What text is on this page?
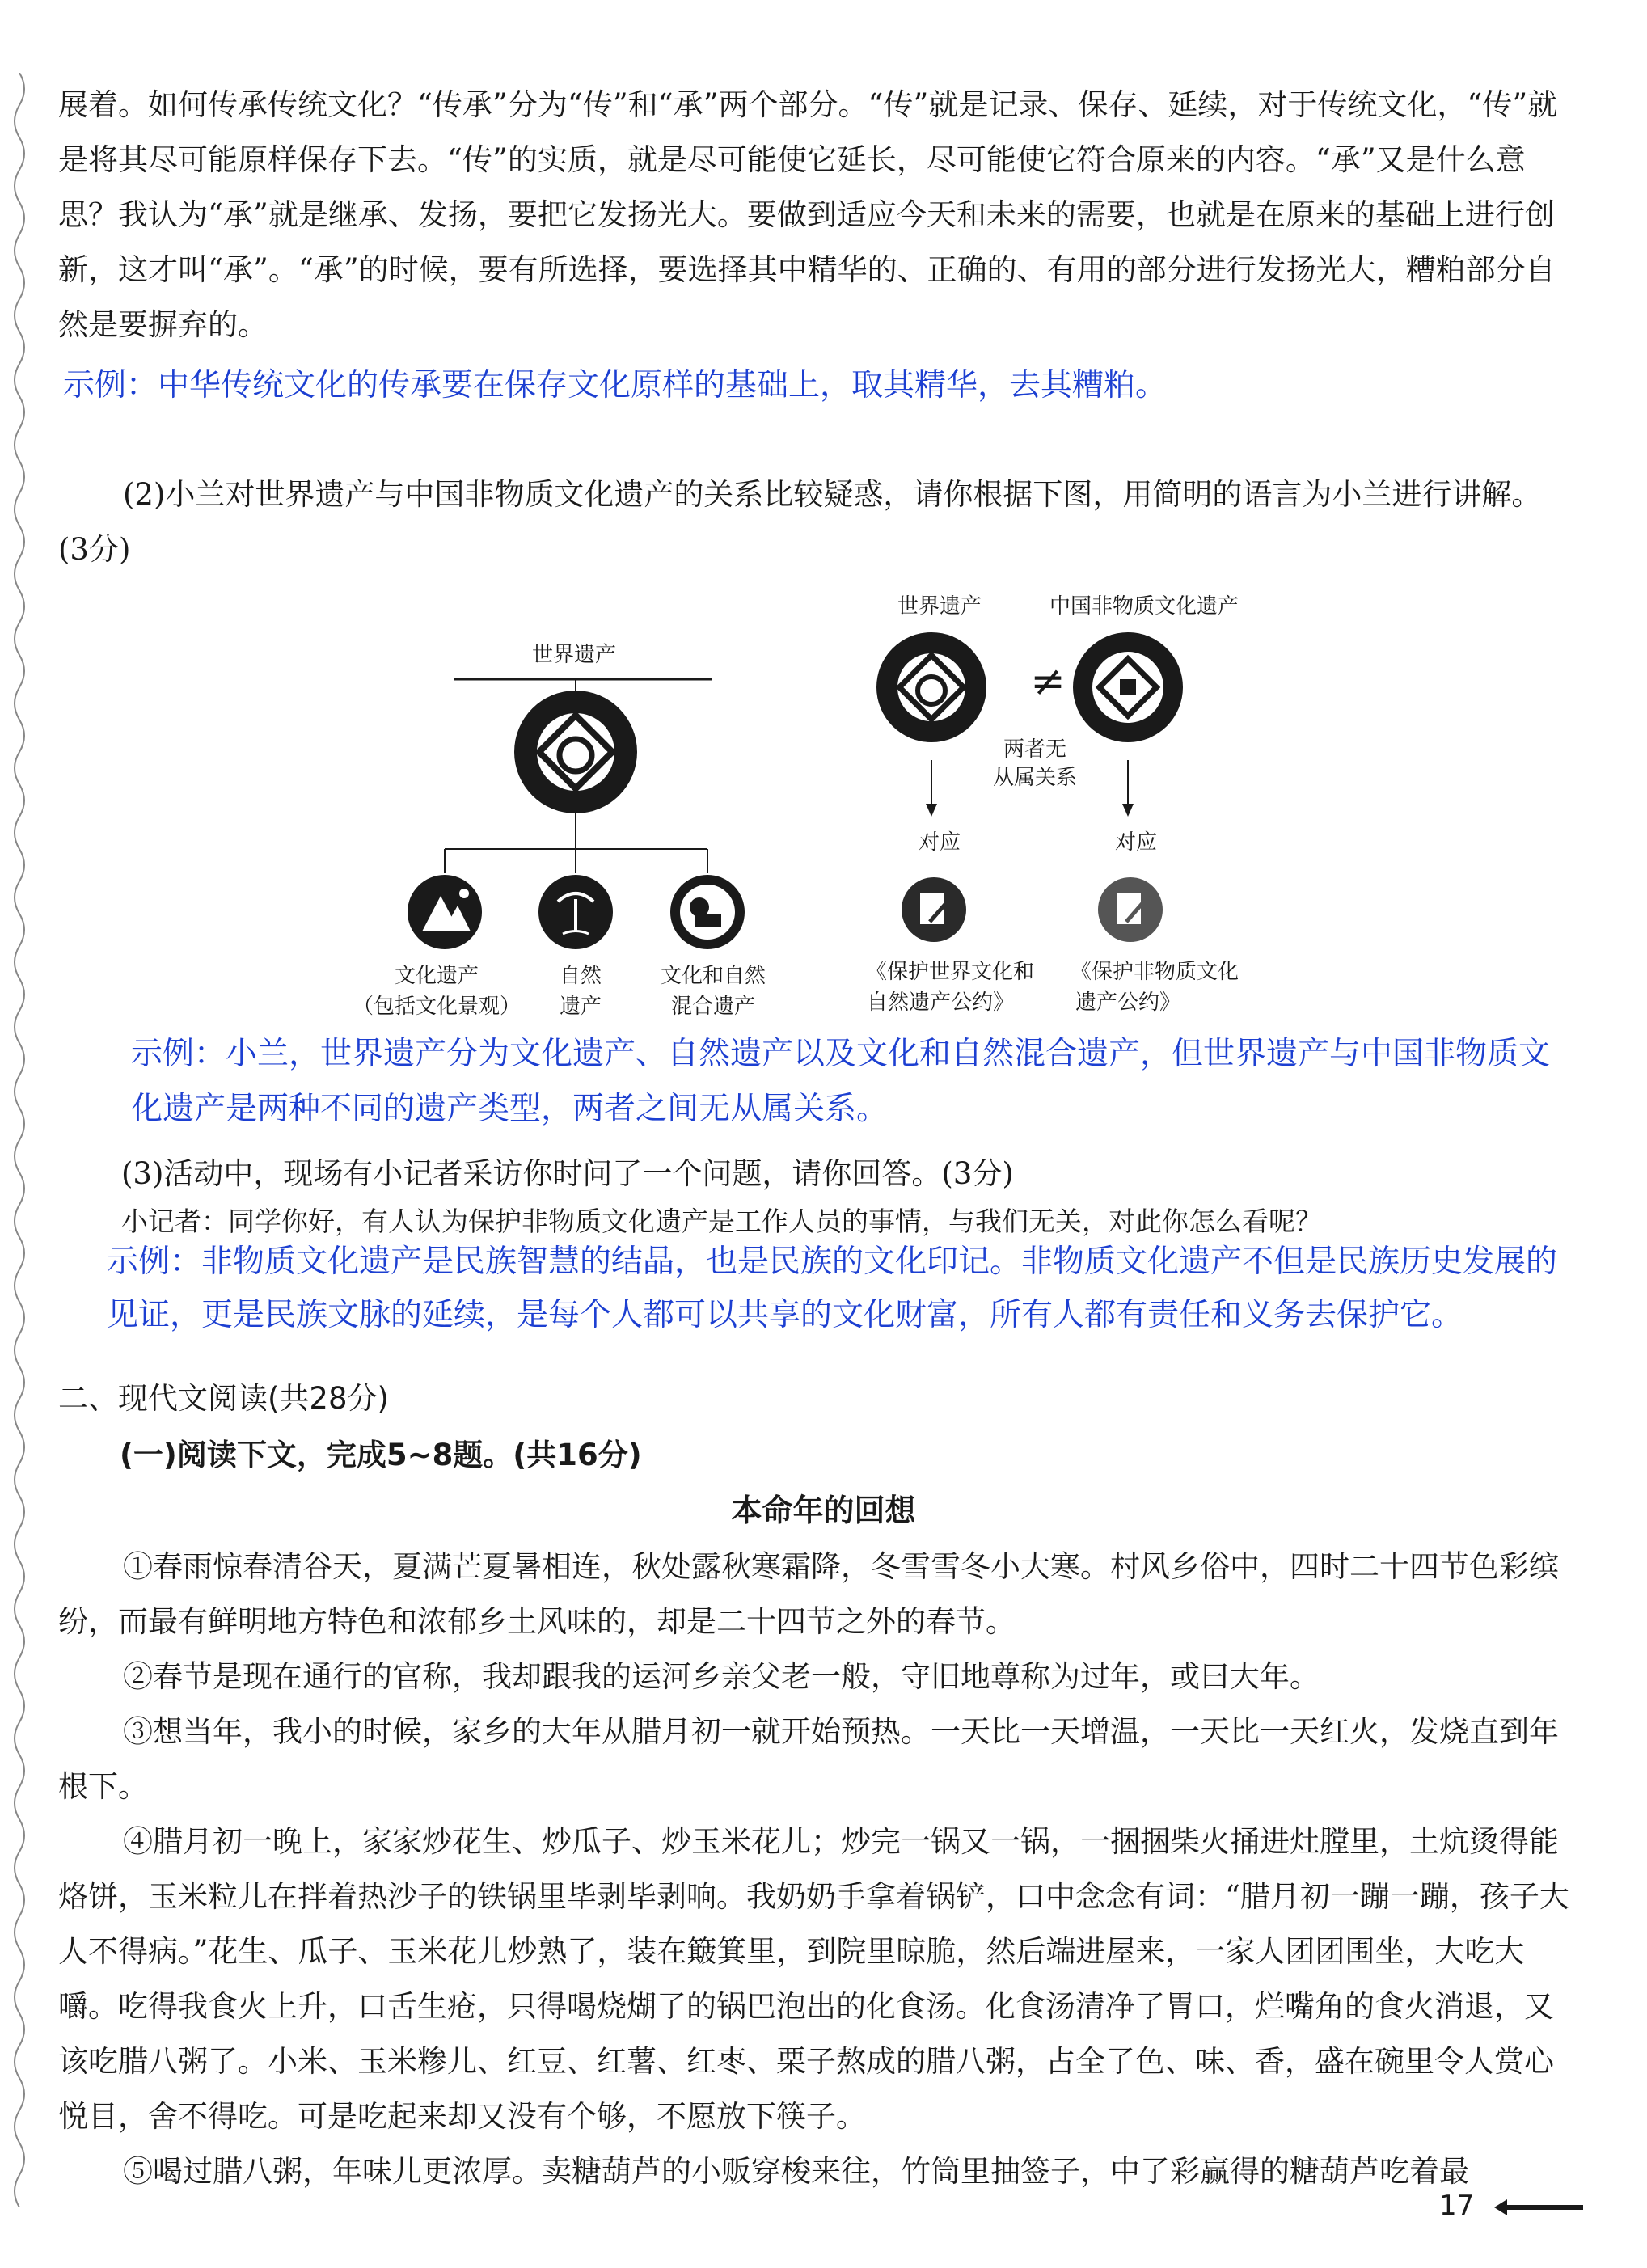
展着。如何传承传统文化？“传承”分为“传”和“承”两个部分。“传”就是记录、保存、延续，对于传统文化，“传”就是将其尽可能原样保存下去。“传”的实质，就是尽可能使它延长，尽可能使它符合原来的内容。“承”又是什么意思？我认为“承”就是继承、发扬，要把它发扬光大。要做到适应今天和未来的需要，也就是在原来的基础上进行创新，这才叫“承”。“承”的时候，要有所选择，要选择其中精华的、正确的、有用的部分进行发扬光大，糟粕部分自然是要摒弃的。

示例：中华传统文化的传承要在保存文化原样的基础上，取其精华，去其糟粕。

(2)小兰对世界遗产与中国非物质文化遗产的关系比较疑惑，请你根据下图，用简明的语言为小兰进行讲解。(3分)

世界遗产
文化遗产
（包括文化景观）
自然
遗产
文化和自然
混合遗产
世界遗产	中国非物质文化遗产
≠
两者无
从属关系
对应	对应
《保护世界文化和
自然遗产公约》
《保护非物质文化
遗产公约》

示例：小兰，世界遗产分为文化遗产、自然遗产以及文化和自然混合遗产，但世界遗产与中国非物质文化遗产是两种不同的遗产类型，两者之间无从属关系。

(3)活动中，现场有小记者采访你时问了一个问题，请你回答。(3分)

小记者：同学你好，有人认为保护非物质文化遗产是工作人员的事情，与我们无关，对此你怎么看呢？

示例：非物质文化遗产是民族智慧的结晶，也是民族的文化印记。非物质文化遗产不但是民族历史发展的见证，更是民族文脉的延续，是每个人都可以共享的文化财富，所有人都有责任和义务去保护它。

二、现代文阅读(共28分)

(一)阅读下文，完成5~8题。(共16分)

本命年的回想

①春雨惊春清谷天，夏满芒夏暑相连，秋处露秋寒霜降，冬雪雪冬小大寒。村风乡俗中，四时二十四节色彩缤纷，而最有鲜明地方特色和浓郁乡土风味的，却是二十四节之外的春节。

②春节是现在通行的官称，我却跟我的运河乡亲父老一般，守旧地尊称为过年，或曰大年。

③想当年，我小的时候，家乡的大年从腊月初一就开始预热。一天比一天增温，一天比一天红火，发烧直到年根下。

④腊月初一晚上，家家炒花生、炒瓜子、炒玉米花儿；炒完一锅又一锅，一捆捆柴火捅进灶膛里，土炕烫得能烙饼，玉米粒儿在拌着热沙子的铁锅里毕剥毕剥响。我奶奶手拿着锅铲，口中念念有词：“腊月初一蹦一蹦，孩子大人不得病。”花生、瓜子、玉米花儿炒熟了，装在簸箕里，到院里晾脆，然后端进屋来，一家人团团围坐，大吃大嚼。吃得我食火上升，口舌生疮，只得喝烧煳了的锅巴泡出的化食汤。化食汤清净了胃口，烂嘴角的食火消退，又该吃腊八粥了。小米、玉米糁儿、红豆、红薯、红枣、栗子熬成的腊八粥，占全了色、味、香，盛在碗里令人赏心悦目，舍不得吃。可是吃起来却又没有个够，不愿放下筷子。

⑤喝过腊八粥，年味儿更浓厚。卖糖葫芦的小贩穿梭来往，竹筒里抽签子，中了彩赢得的糖葫芦吃着最

17
